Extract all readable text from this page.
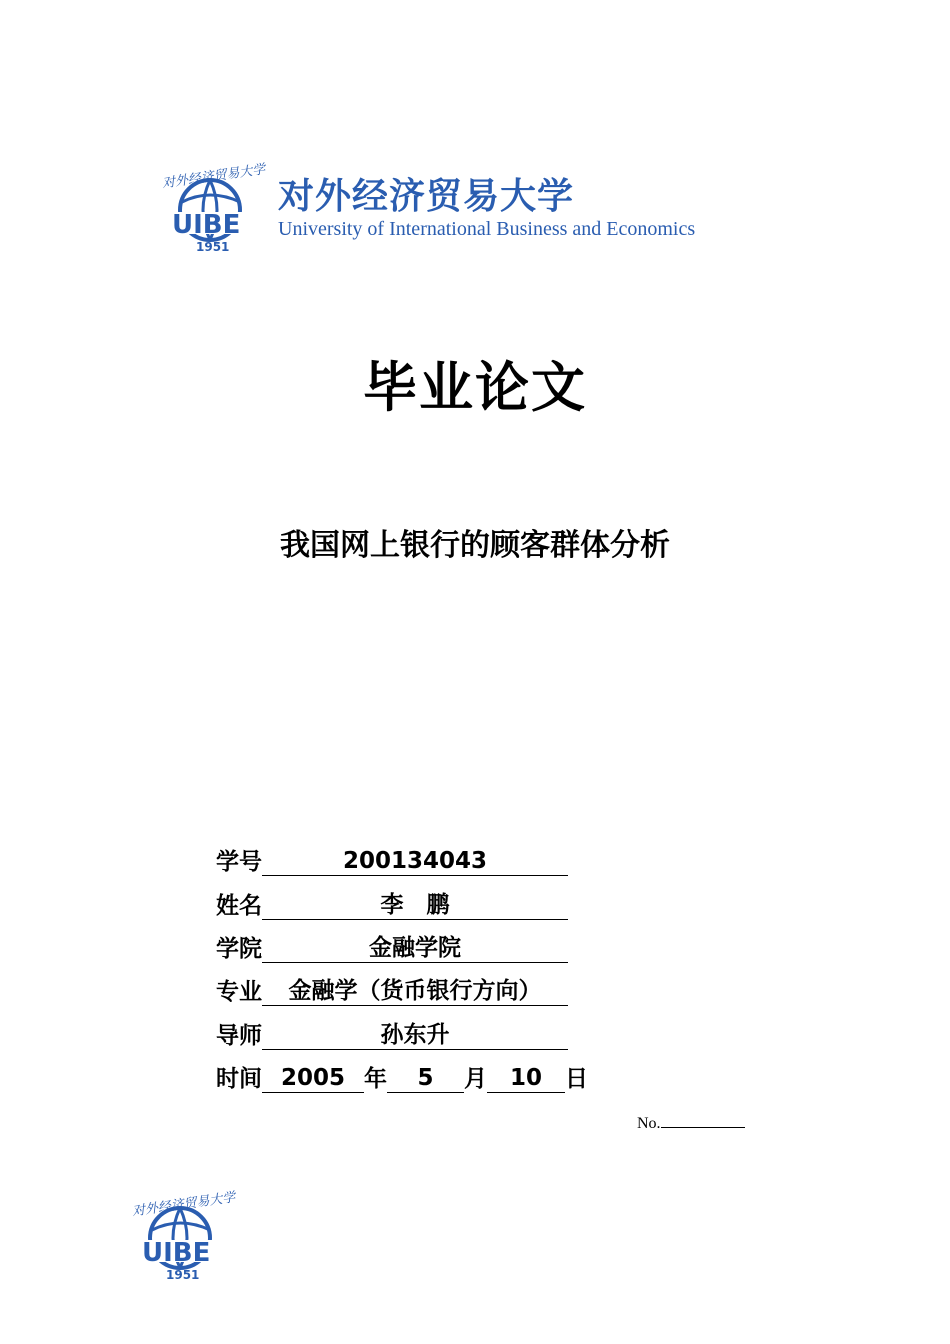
对外经济贸易大学
UIBE
1951
对外经济贸易大学
University of International Business and Economics
毕业论文
我国网上银行的顾客群体分析
学号	200134043
姓名	李　鹏
学院	金融学院
专业	金融学（货币银行方向）
导师	孙东升
时间 2005 年	5	月 10	日
No.
对外经济贸易大学
UIBE
1951
